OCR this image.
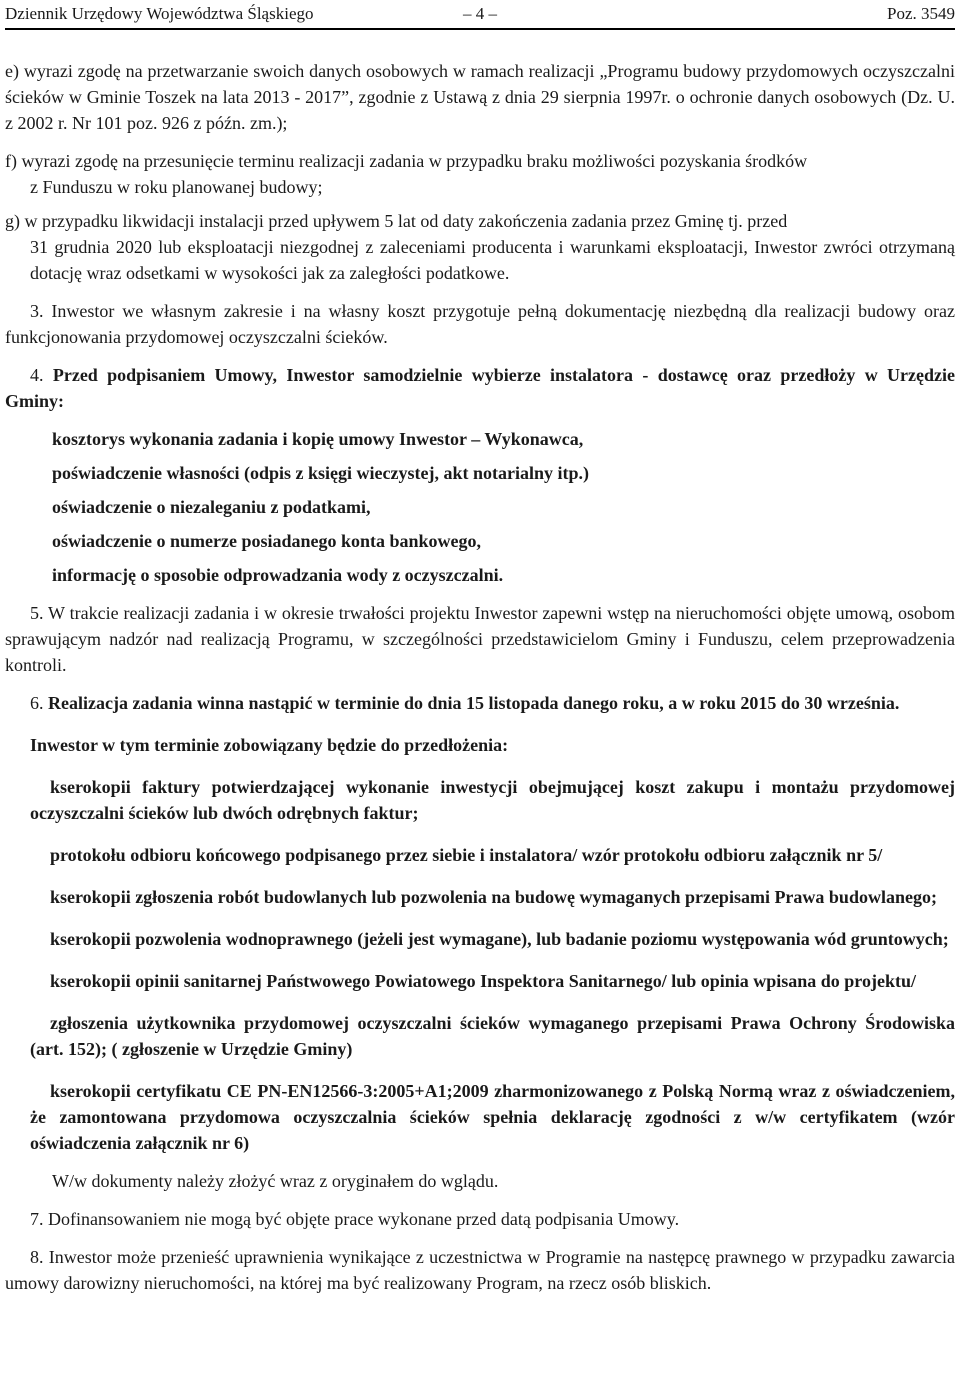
Dziennik Urzędowy Województwa Śląskiego	– 4 –	Poz. 3549

e) wyrazi zgodę na przetwarzanie swoich danych osobowych w ramach realizacji „Programu budowy przydomowych oczyszczalni ścieków w Gminie Toszek na lata 2013 - 2017”, zgodnie z Ustawą z dnia 29 sierpnia 1997r. o ochronie danych osobowych (Dz. U. z 2002 r. Nr 101 poz. 926 z późn. zm.);

f) wyrazi zgodę na przesunięcie terminu realizacji zadania w przypadku braku możliwości pozyskania środków

z Funduszu w roku planowanej budowy;

g) w przypadku likwidacji instalacji przed upływem 5 lat od daty zakończenia zadania przez Gminę tj. przed

31 grudnia 2020 lub eksploatacji niezgodnej z zaleceniami producenta i warunkami eksploatacji, Inwestor zwróci otrzymaną dotację wraz odsetkami w wysokości jak za zaległości podatkowe.

3. Inwestor we własnym zakresie i na własny koszt przygotuje pełną dokumentację niezbędną dla realizacji budowy oraz funkcjonowania przydomowej oczyszczalni ścieków.

4. Przed podpisaniem Umowy, Inwestor samodzielnie wybierze instalatora - dostawcę oraz przedłoży w Urzędzie Gminy:

kosztorys wykonania zadania i kopię umowy Inwestor – Wykonawca,

poświadczenie własności (odpis z księgi wieczystej, akt notarialny itp.)

oświadczenie o niezaleganiu z podatkami,

oświadczenie o numerze posiadanego konta bankowego,

informację o sposobie odprowadzania wody z oczyszczalni.

5. W trakcie realizacji zadania i w okresie trwałości projektu Inwestor zapewni wstęp na nieruchomości objęte umową, osobom sprawującym nadzór nad realizacją Programu, w szczególności przedstawicielom Gminy i Funduszu, celem przeprowadzenia kontroli.

6. Realizacja zadania winna nastąpić w terminie do dnia 15 listopada danego roku, a w roku 2015 do 30 września.

Inwestor w tym terminie zobowiązany będzie do przedłożenia:

kserokopii faktury potwierdzającej wykonanie inwestycji obejmującej koszt zakupu i montażu przydomowej oczyszczalni ścieków lub dwóch odrębnych faktur;

protokołu odbioru końcowego podpisanego przez siebie i instalatora/ wzór protokołu odbioru załącznik nr 5/

kserokopii zgłoszenia robót budowlanych lub pozwolenia na budowę wymaganych przepisami Prawa budowlanego;

kserokopii pozwolenia wodnoprawnego (jeżeli jest wymagane), lub badanie poziomu występowania wód gruntowych;

kserokopii opinii sanitarnej Państwowego Powiatowego Inspektora Sanitarnego/ lub opinia wpisana do projektu/

zgłoszenia użytkownika przydomowej oczyszczalni ścieków wymaganego przepisami Prawa Ochrony Środowiska (art. 152); ( zgłoszenie w Urzędzie Gminy)

kserokopii certyfikatu CE PN-EN12566-3:2005+A1;2009 zharmonizowanego z Polską Normą wraz z oświadczeniem, że zamontowana przydomowa oczyszczalnia ścieków spełnia deklarację zgodności z w/w certyfikatem (wzór oświadczenia załącznik nr 6)

W/w dokumenty należy złożyć wraz z oryginałem do wglądu.

7. Dofinansowaniem nie mogą być objęte prace wykonane przed datą podpisania Umowy.

8. Inwestor może przenieść uprawnienia wynikające z uczestnictwa w Programie na następcę prawnego w przypadku zawarcia umowy darowizny nieruchomości, na której ma być realizowany Program, na rzecz osób bliskich.
